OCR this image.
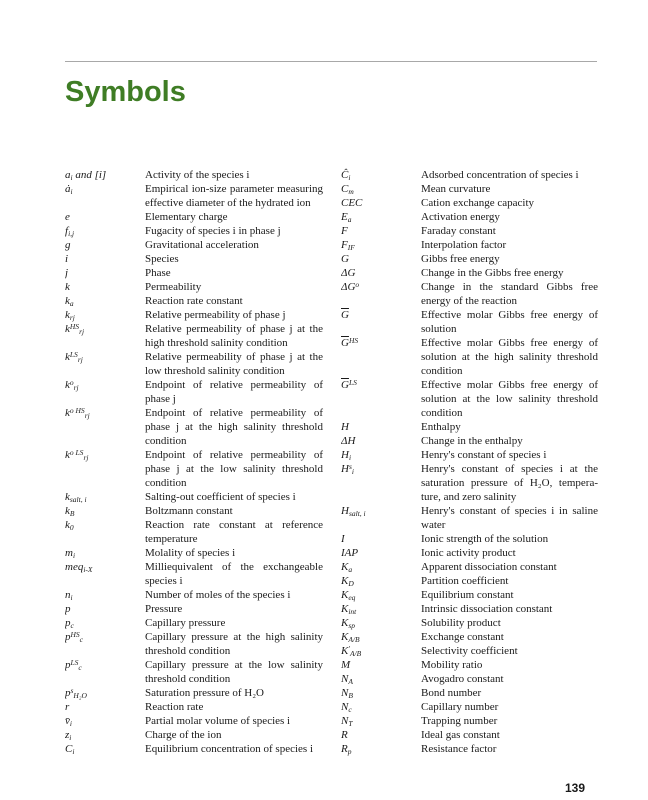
Symbols
$a_i$ and [i]	Activity of the species i
$ȧ_i$	Empirical ion-size parameter measuring effective diameter of the hydrated ion
e	Elementary charge
$f_{i,j}$	Fugacity of species i in phase j
g	Gravitational acceleration
i	Species
j	Phase
k	Permeability
$k_a$	Reaction rate constant
$k_{rj}$	Relative permeability of phase j
$k^{HS}_{rj}$	Relative permeability of phase j at the high threshold salinity condition
$k^{LS}_{rj}$	Relative permeability of phase j at the low threshold salinity condition
$k^o_{rj}$	Endpoint of relative permeability of phase j
$k^{o HS}_{rj}$	Endpoint of relative permeability of phase j at the high salinity threshold condition
$k^{o LS}_{rj}$	Endpoint of relative permeability of phase j at the low salinity threshold condition
$k_{salt, i}$	Salting-out coefficient of species i
$k_B$	Boltzmann constant
$k_0$	Reaction rate constant at reference temperature
$m_i$	Molality of species i
meq$_{i-X}$	Milliequivalent of the exchangeable species i
$n_i$	Number of moles of the species i
p	Pressure
$p_c$	Capillary pressure
$p^{HS}_c$	Capillary pressure at the high salinity threshold condition
$p^{LS}_c$	Capillary pressure at the low salinity threshold condition
$p^s_{H_2O}$	Saturation pressure of H₂O
r	Reaction rate
$v̄_i$	Partial molar volume of species i
$z_i$	Charge of the ion
$C_i$	Equilibrium concentration of species i
$Ĉ_i$	Adsorbed concentration of species i
$C_m$	Mean curvature
CEC	Cation exchange capacity
$E_a$	Activation energy
F	Faraday constant
$F_{IF}$	Interpolation factor
G	Gibbs free energy
ΔG	Change in the Gibbs free energy
$\Delta G^o$	Change in the standard Gibbs free energy of the reaction
$\overline{G}$	Effective molar Gibbs free energy of solution
$\overline{G}^{HS}$	Effective molar Gibbs free energy of solution at the high salinity threshold condition
$\overline{G}^{LS}$	Effective molar Gibbs free energy of solution at the low salinity threshold condition
H	Enthalpy
ΔH	Change in the enthalpy
$H_i$	Henry's constant of species i
$H^s_i$	Henry's constant of species i at the saturation pressure of H₂O, tempera-ture, and zero salinity
$H_{salt, i}$	Henry's constant of species i in saline water
I	Ionic strength of the solution
IAP	Ionic activity product
$K_a$	Apparent dissociation constant
$K_D$	Partition coefficient
$K_{eq}$	Equilibrium constant
$K_{int}$	Intrinsic dissociation constant
$K_{sp}$	Solubility product
$K_{A/B}$	Exchange constant
$K'_{A/B}$	Selectivity coefficient
M	Mobility ratio
$N_A$	Avogadro constant
$N_B$	Bond number
$N_c$	Capillary number
$N_T$	Trapping number
R	Ideal gas constant
$R_p$	Resistance factor
139
